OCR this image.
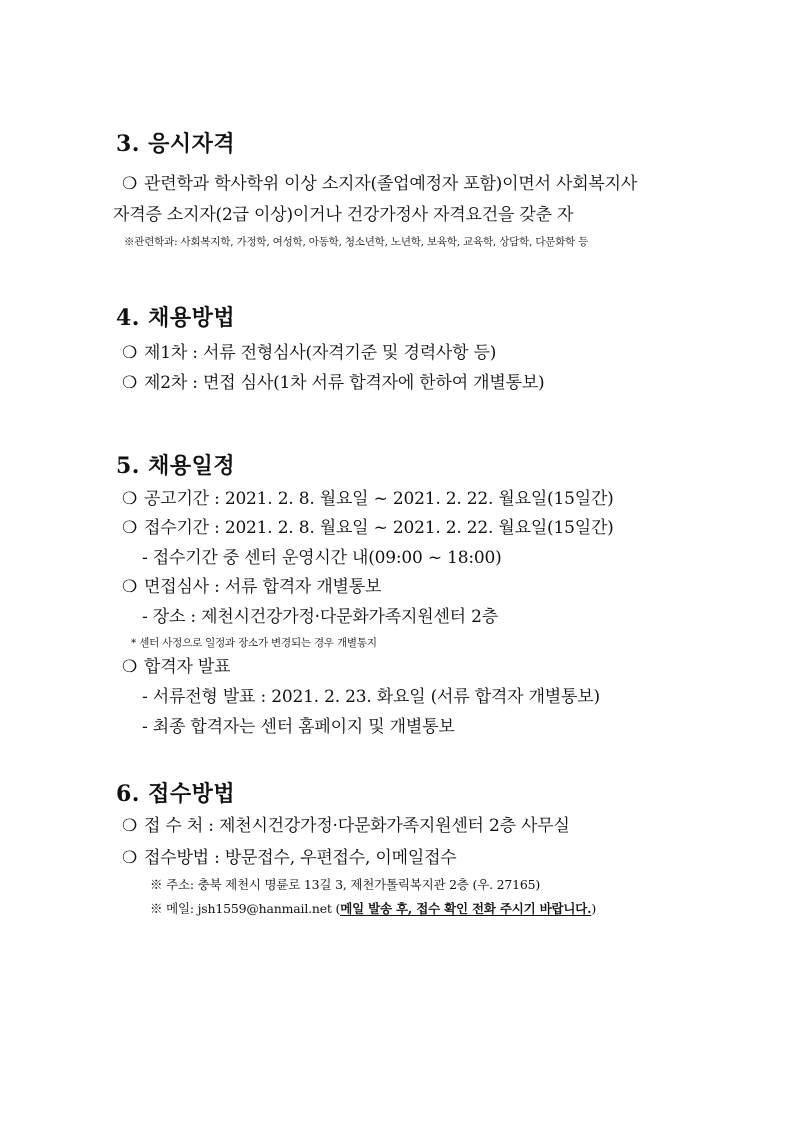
3. 응시자격
❍ 관련학과 학사학위 이상 소지자(졸업예정자 포함)이면서 사회복지사
자격증 소지자(2급 이상)이거나 건강가정사 자격요건을 갖춘 자
※관련학과: 사회복지학, 가정학, 여성학, 아동학, 청소년학, 노년학, 보육학, 교육학, 상담학, 다문화학 등
4. 채용방법
❍ 제1차 : 서류 전형심사(자격기준 및 경력사항 등)
❍ 제2차 : 면접 심사(1차 서류 합격자에 한하여 개별통보)
5. 채용일정
❍ 공고기간 : 2021. 2. 8. 월요일 ~ 2021. 2. 22. 월요일(15일간)
❍ 접수기간 : 2021. 2. 8. 월요일 ~ 2021. 2. 22. 월요일(15일간)
- 접수기간 중 센터 운영시간 내(09:00 ~ 18:00)
❍ 면접심사 : 서류 합격자 개별통보
- 장소 : 제천시건강가정·다문화가족지원센터 2층
* 센터 사정으로 일정과 장소가 변경되는 경우 개별통지
❍ 합격자 발표
- 서류전형 발표 : 2021. 2. 23. 화요일 (서류 합격자 개별통보)
- 최종 합격자는 센터 홈페이지 및 개별통보
6. 접수방법
❍ 접 수 처 : 제천시건강가정·다문화가족지원센터 2층 사무실
❍ 접수방법 : 방문접수, 우편접수, 이메일접수
※ 주소: 충북 제천시 명륜로 13길 3, 제천가톨릭복지관 2층 (우. 27165)
※ 메일: jsh1559@hanmail.net (메일 발송 후, 접수 확인 전화 주시기 바랍니다.)
